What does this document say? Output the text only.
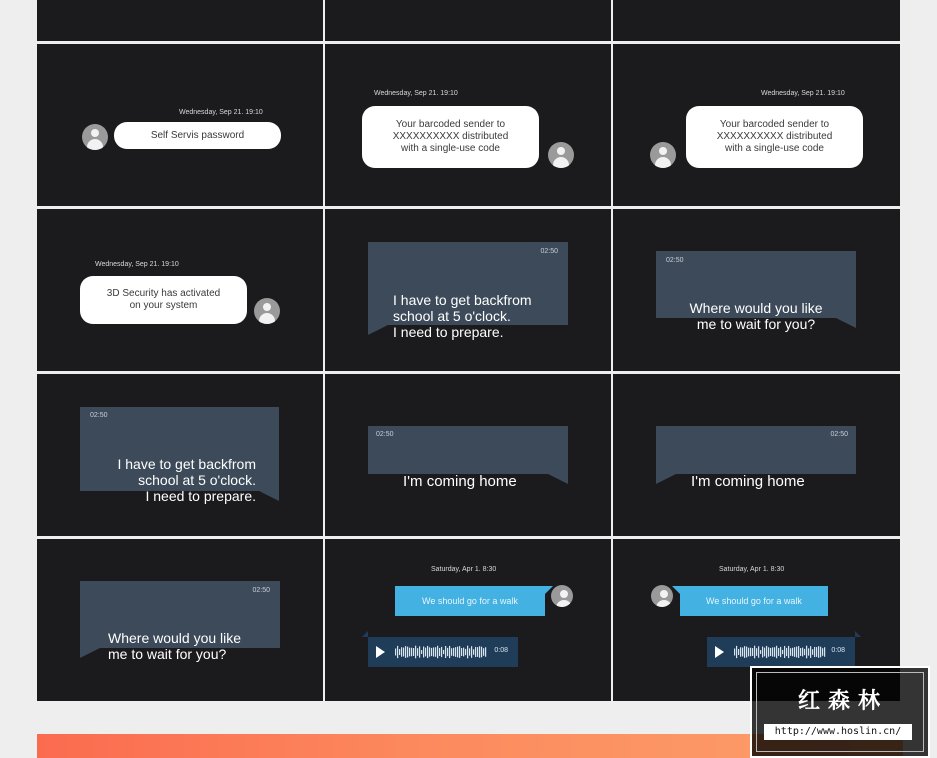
Wednesday, Sep 21. 19:10
Self Servis password
Wednesday, Sep 21. 19:10
Your barcoded sender to
XXXXXXXXXX distributed
with a single-use code
Wednesday, Sep 21. 19:10
Your barcoded sender to
XXXXXXXXXX distributed
with a single-use code
Wednesday, Sep 21. 19:10
3D Security has activated
on your system

02:50

I have to get backfrom
school at 5 o'clock.
I need to prepare.

02:50

Where would you like
me to wait for you?

02:50

I have to get backfrom
school at 5 o'clock.
I need to prepare.

02:50

I'm coming home

02:50

I'm coming home

02:50

Where would you like
me to wait for you?

Saturday, Apr 1. 8:30
We should go for a walk
0:08
Saturday, Apr 1. 8:30
We should go for a walk
0:08
红森林
http://www.hoslin.cn/
